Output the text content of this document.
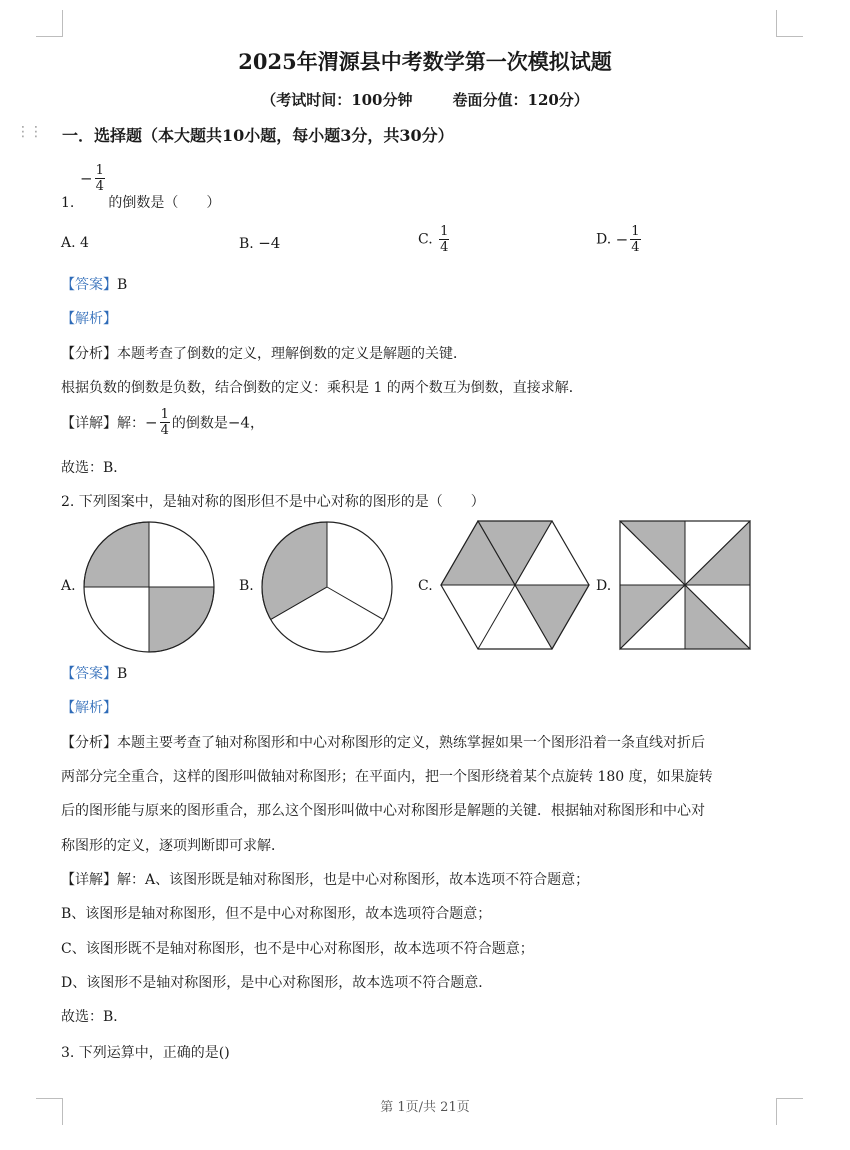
2025年渭源县中考数学第一次模拟试题
（考试时间：100分钟	卷面分值：120分）
⋮⋮ 一．选择题（本大题共10小题，每小题3分，共30分）
− $\frac{1}{4}$
1. 的倒数是（　　）
A. 4	B. −4	C. $\frac{1}{4}$	D. − $\frac{1}{4}$
【答案】B
【解析】
【分析】本题考查了倒数的定义，理解倒数的定义是解题的关键．
根据负数的倒数是负数，结合倒数的定义：乘积是 1 的两个数互为倒数，直接求解．
【详解】解：− $\frac{1}{4}$ 的倒数是−4，
故选：B．
2. 下列图案中，是轴对称的图形但不是中心对称的图形的是（　　）
A.	B.	C.	D.
【答案】B
【解析】
【分析】本题主要考查了轴对称图形和中心对称图形的定义，熟练掌握如果一个图形沿着一条直线对折后
两部分完全重合，这样的图形叫做轴对称图形；在平面内，把一个图形绕着某个点旋转 180 度，如果旋转
后的图形能与原来的图形重合，那么这个图形叫做中心对称图形是解题的关键．根据轴对称图形和中心对
称图形的定义，逐项判断即可求解．
【详解】解：A、该图形既是轴对称图形，也是中心对称图形，故本选项不符合题意；
B、该图形是轴对称图形，但不是中心对称图形，故本选项符合题意；
C、该图形既不是轴对称图形，也不是中心对称图形，故本选项不符合题意；
D、该图形不是轴对称图形，是中心对称图形，故本选项不符合题意．
故选：B．
3. 下列运算中，正确的是()
第 1页/共 21页
